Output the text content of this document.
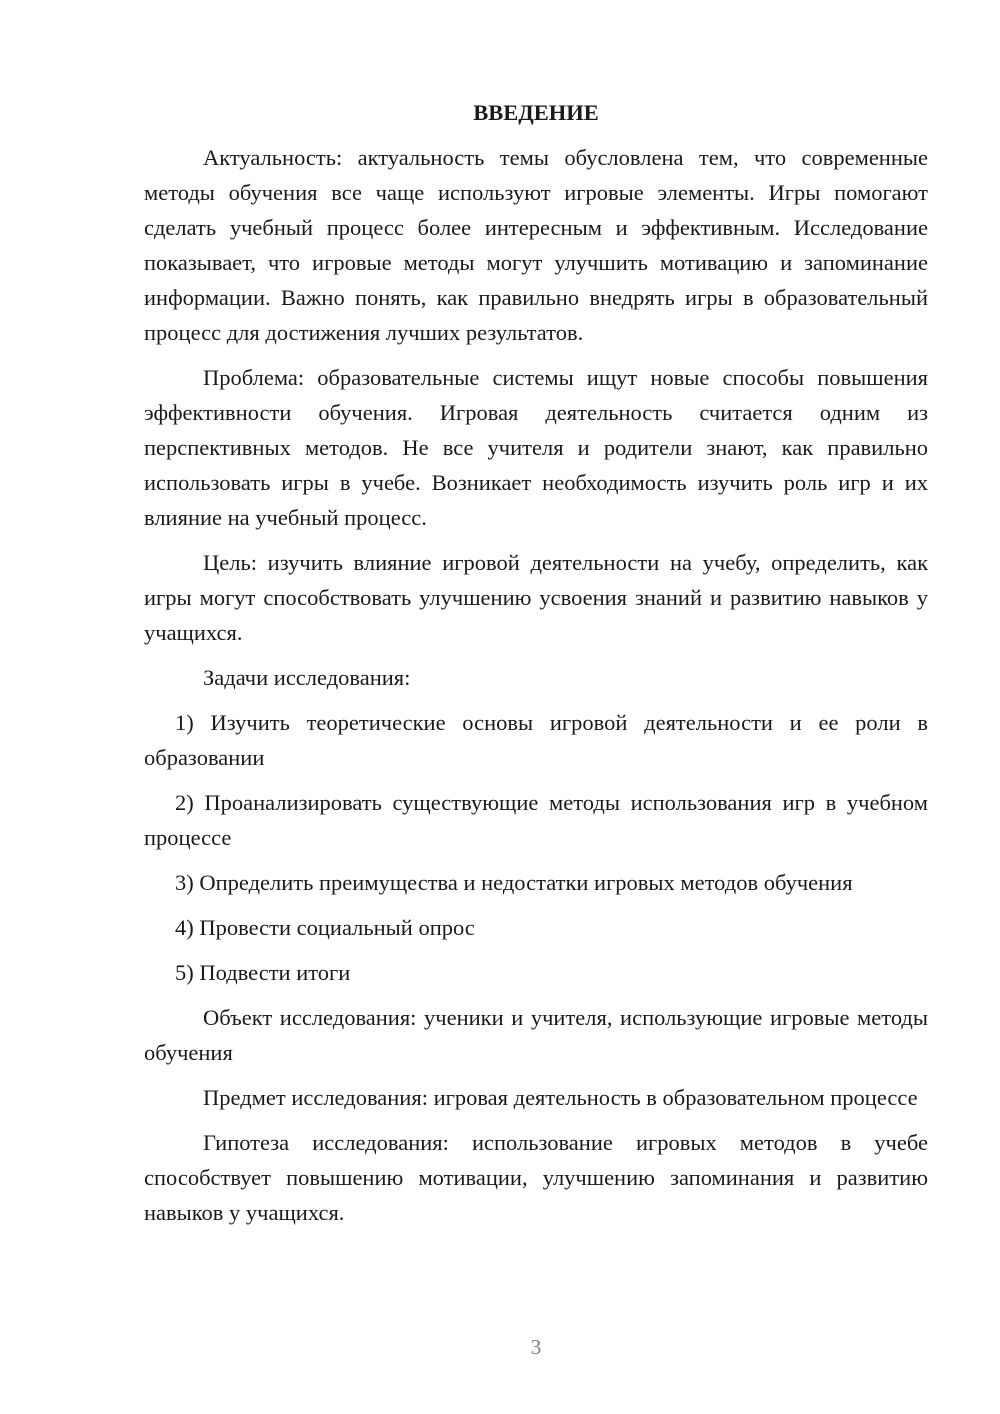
ВВЕДЕНИЕ

Актуальность: актуальность темы обусловлена тем, что современные методы обучения все чаще используют игровые элементы. Игры помогают сделать учебный процесс более интересным и эффективным. Исследование показывает, что игровые методы могут улучшить мотивацию и запоминание информации. Важно понять, как правильно внедрять игры в образовательный процесс для достижения лучших результатов.

Проблема: образовательные системы ищут новые способы повышения эффективности обучения. Игровая деятельность считается одним из перспективных методов. Не все учителя и родители знают, как правильно использовать игры в учебе. Возникает необходимость изучить роль игр и их влияние на учебный процесс.

Цель: изучить влияние игровой деятельности на учебу, определить, как игры могут способствовать улучшению усвоения знаний и развитию навыков у учащихся.

Задачи исследования:

1) Изучить теоретические основы игровой деятельности и ее роли в образовании

2) Проанализировать существующие методы использования игр в учебном процессе

3) Определить преимущества и недостатки игровых методов обучения

4) Провести социальный опрос

5) Подвести итоги

Объект исследования: ученики и учителя, использующие игровые методы обучения

Предмет исследования: игровая деятельность в образовательном процессе

Гипотеза исследования: использование игровых методов в учебе способствует повышению мотивации, улучшению запоминания и развитию навыков у учащихся.

3
